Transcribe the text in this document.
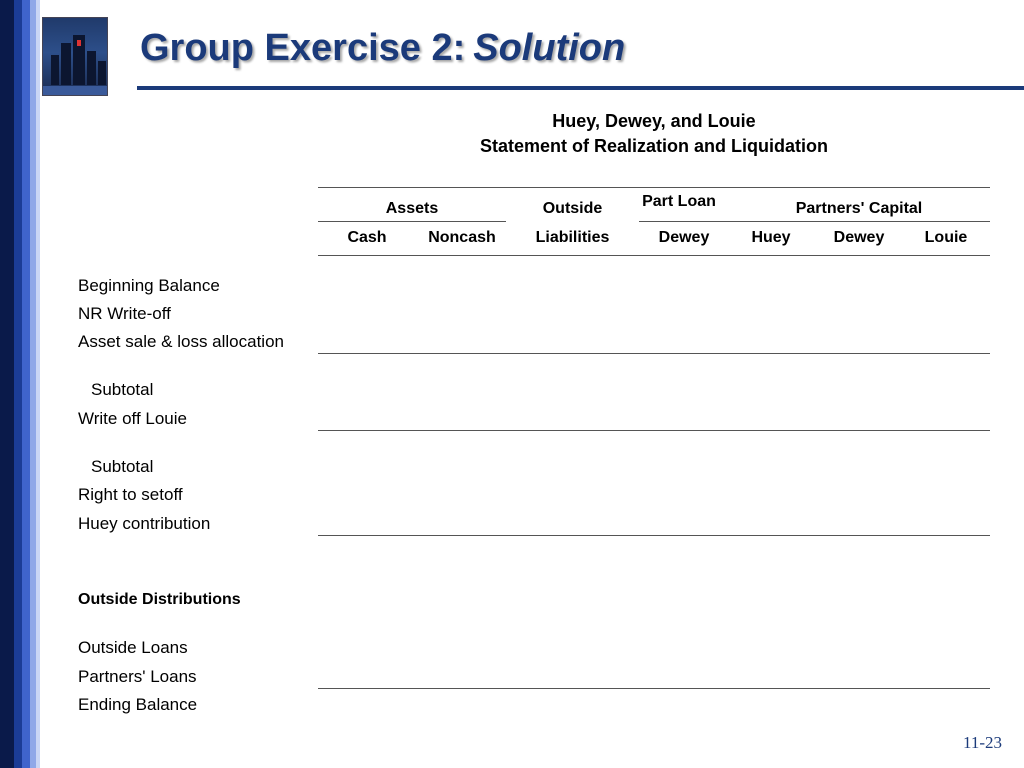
Group Exercise 2: Solution
Huey, Dewey, and Louie
Statement of Realization and Liquidation
Assets	Outside	Part Loan	Partners' Capital
Cash	Noncash	Liabilities	Dewey	Huey	Dewey	Louie
Beginning Balance
NR Write-off
Asset sale & loss allocation
Subtotal
Write off Louie
Subtotal
Right to setoff
Huey contribution
Outside Distributions
Outside Loans
Partners' Loans
Ending Balance
11-23
